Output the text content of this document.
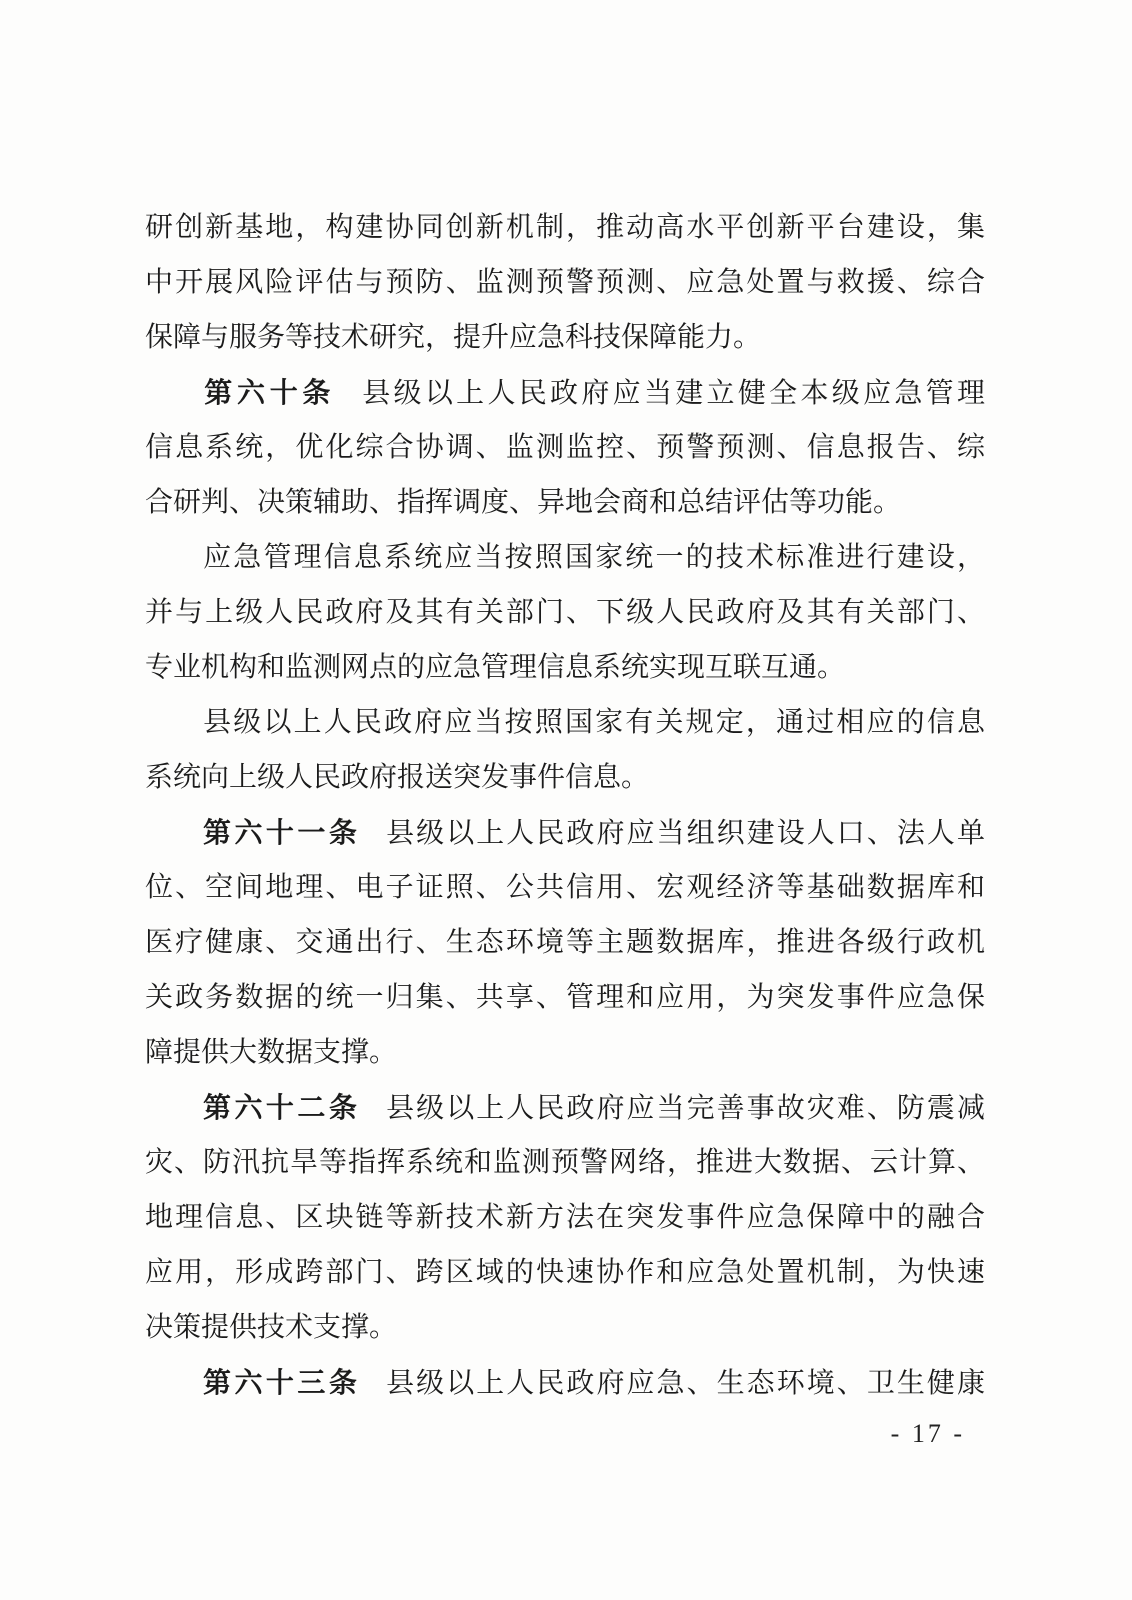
研创新基地，构建协同创新机制，推动高水平创新平台建设，集
中开展风险评估与预防、监测预警预测、应急处置与救援、综合
保障与服务等技术研究，提升应急科技保障能力。
第六十条 县级以上人民政府应当建立健全本级应急管理
信息系统，优化综合协调、监测监控、预警预测、信息报告、综
合研判、决策辅助、指挥调度、异地会商和总结评估等功能。
应急管理信息系统应当按照国家统一的技术标准进行建设，
并与上级人民政府及其有关部门、下级人民政府及其有关部门、
专业机构和监测网点的应急管理信息系统实现互联互通。
县级以上人民政府应当按照国家有关规定，通过相应的信息
系统向上级人民政府报送突发事件信息。
第六十一条 县级以上人民政府应当组织建设人口、法人单
位、空间地理、电子证照、公共信用、宏观经济等基础数据库和
医疗健康、交通出行、生态环境等主题数据库，推进各级行政机
关政务数据的统一归集、共享、管理和应用，为突发事件应急保
障提供大数据支撑。
第六十二条 县级以上人民政府应当完善事故灾难、防震减
灾、防汛抗旱等指挥系统和监测预警网络，推进大数据、云计算、
地理信息、区块链等新技术新方法在突发事件应急保障中的融合
应用，形成跨部门、跨区域的快速协作和应急处置机制，为快速
决策提供技术支撑。
第六十三条 县级以上人民政府应急、生态环境、卫生健康
- 17 -
